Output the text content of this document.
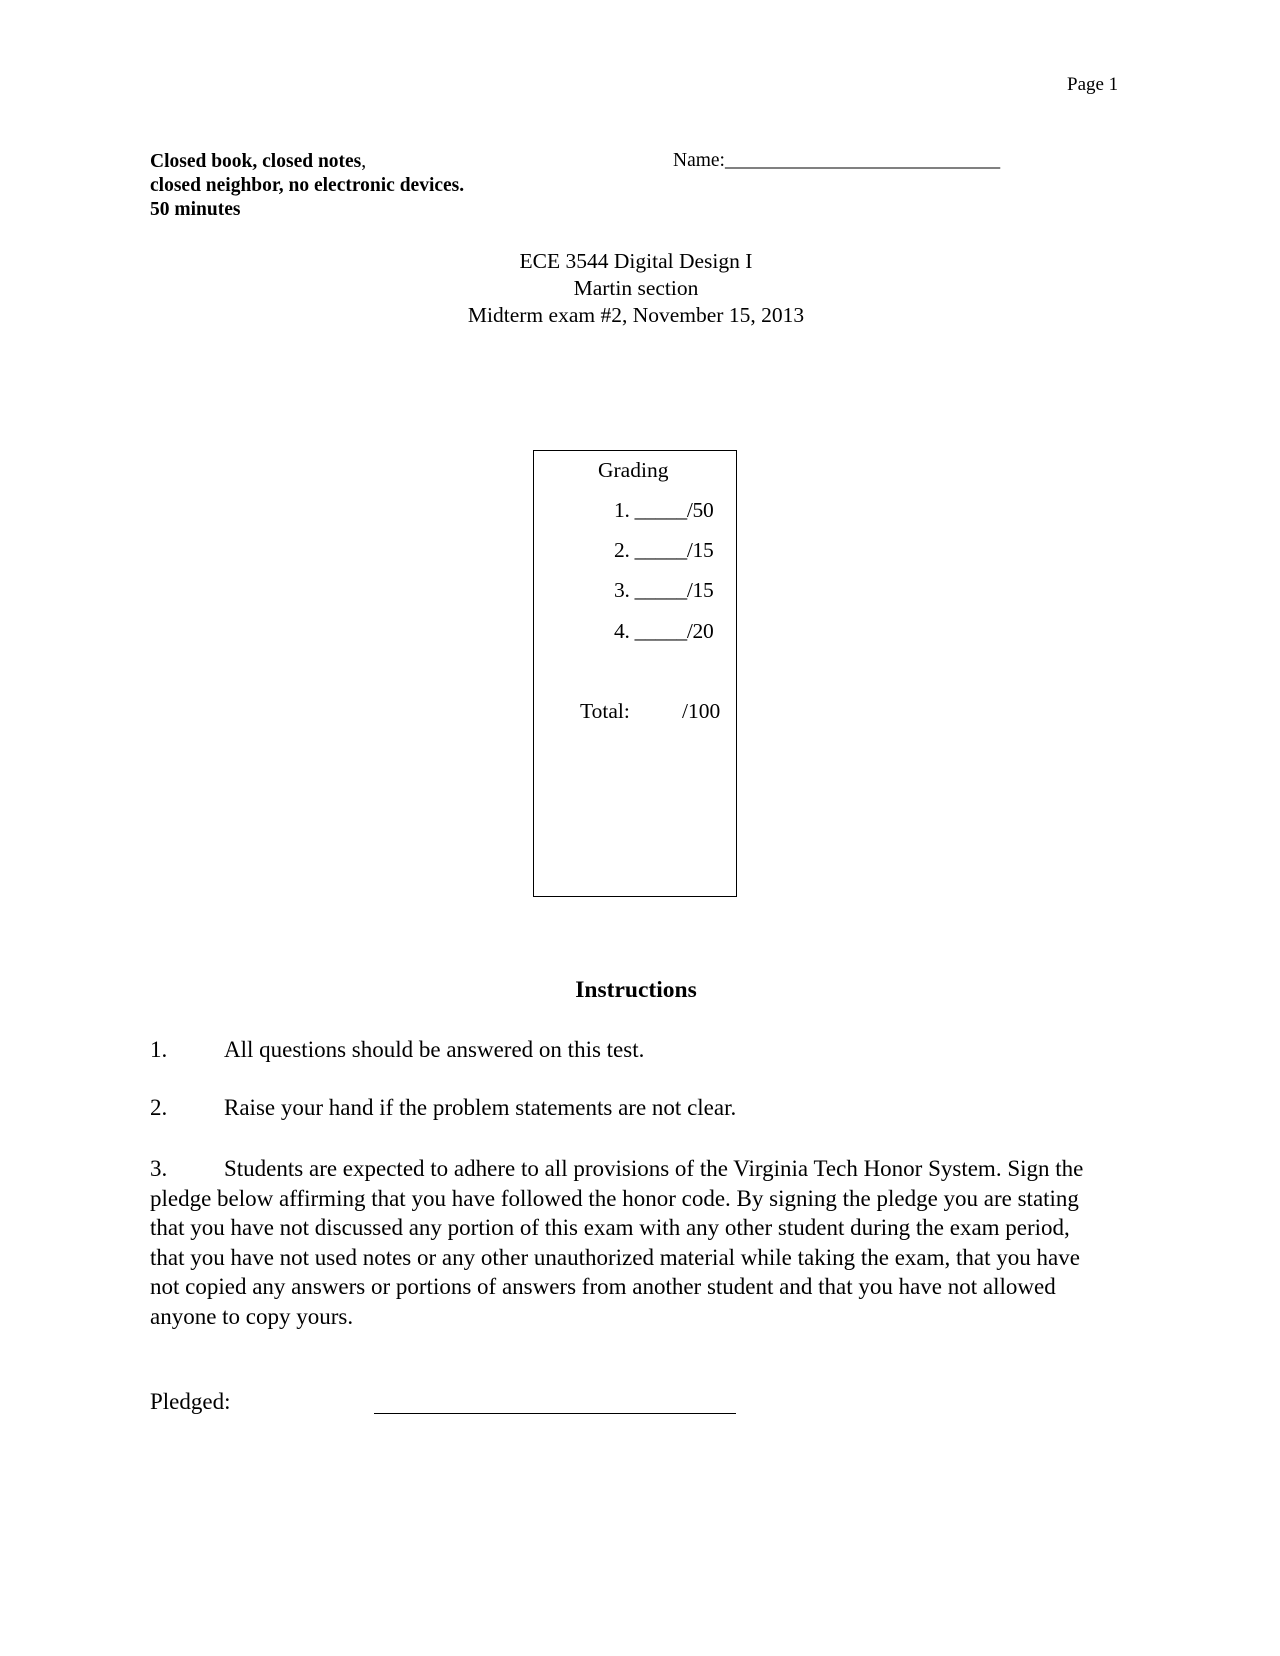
Page 1
Closed book, closed notes,
closed neighbor, no electronic devices.
50 minutes
Name:______________________________
ECE 3544 Digital Design I
Martin section
Midterm exam #2, November 15, 2013
Grading
1. _____/50
2. _____/15
3. _____/15
4. _____/20
Total: /100
Instructions
1. All questions should be answered on this test.
2. Raise your hand if the problem statements are not clear.
3. Students are expected to adhere to all provisions of the Virginia Tech Honor System. Sign the pledge below affirming that you have followed the honor code. By signing the pledge you are stating that you have not discussed any portion of this exam with any other student during the exam period, that you have not used notes or any other unauthorized material while taking the exam, that you have not copied any answers or portions of answers from another student and that you have not allowed anyone to copy yours.
Pledged:
